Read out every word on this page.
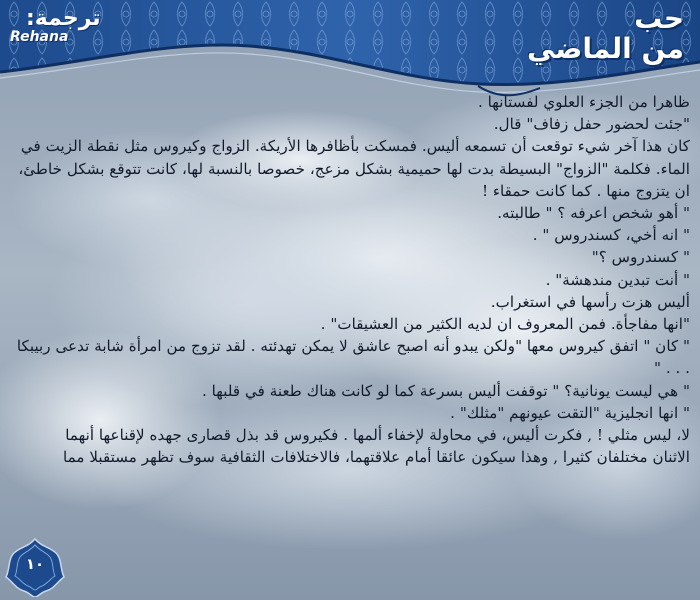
حب
من الماضي
ترجمة:
Rehana

ظاهرا من الجزء العلوي لفستانها .

"جئت لحضور حفل زفاف" قال.

كان هذا آخر شيء توقعت أن تسمعه أليس. فمسكت بأظافرها الأريكة. الزواج وكيروس مثل نقطة الزيت في

الماء. فكلمة "الزواج" البسيطة بدت لها حميمية بشكل مزعج، خصوصا بالنسبة لها، كانت تتوقع بشكل خاطئ،

ان يتزوج منها . كما كانت حمقاء !

" أهو شخص اعرفه ؟ " طالبته.

" انه أخي، كسندروس " .

" كسندروس ؟"

" أنت تبدين مندهشة" .

أليس هزت رأسها في استغراب.

"انها مفاجأة. فمن المعروف ان لديه الكثير من العشيقات" .

" كان " اتفق كيروس معها "ولكن يبدو أنه اصبح عاشق لا يمكن تهدئته . لقد تزوج من امرأة شابة تدعى ربيبكا

. . . "

" هي ليست يونانية؟ " توقفت أليس بسرعة كما لو كانت هناك طعنة في قلبها .

" انها انجليزية "التقت عيونهم "مثلك" .

لا، ليس مثلي ! , فكرت أليس، في محاولة لإخفاء ألمها . فكيروس قد بذل قصارى جهده لإقناعها أنهما

الاثنان مختلفان كثيرا , وهذا سيكون عائقا أمام علاقتهما، فالاختلافات الثقافية سوف تظهر مستقبلا مما

١٠
